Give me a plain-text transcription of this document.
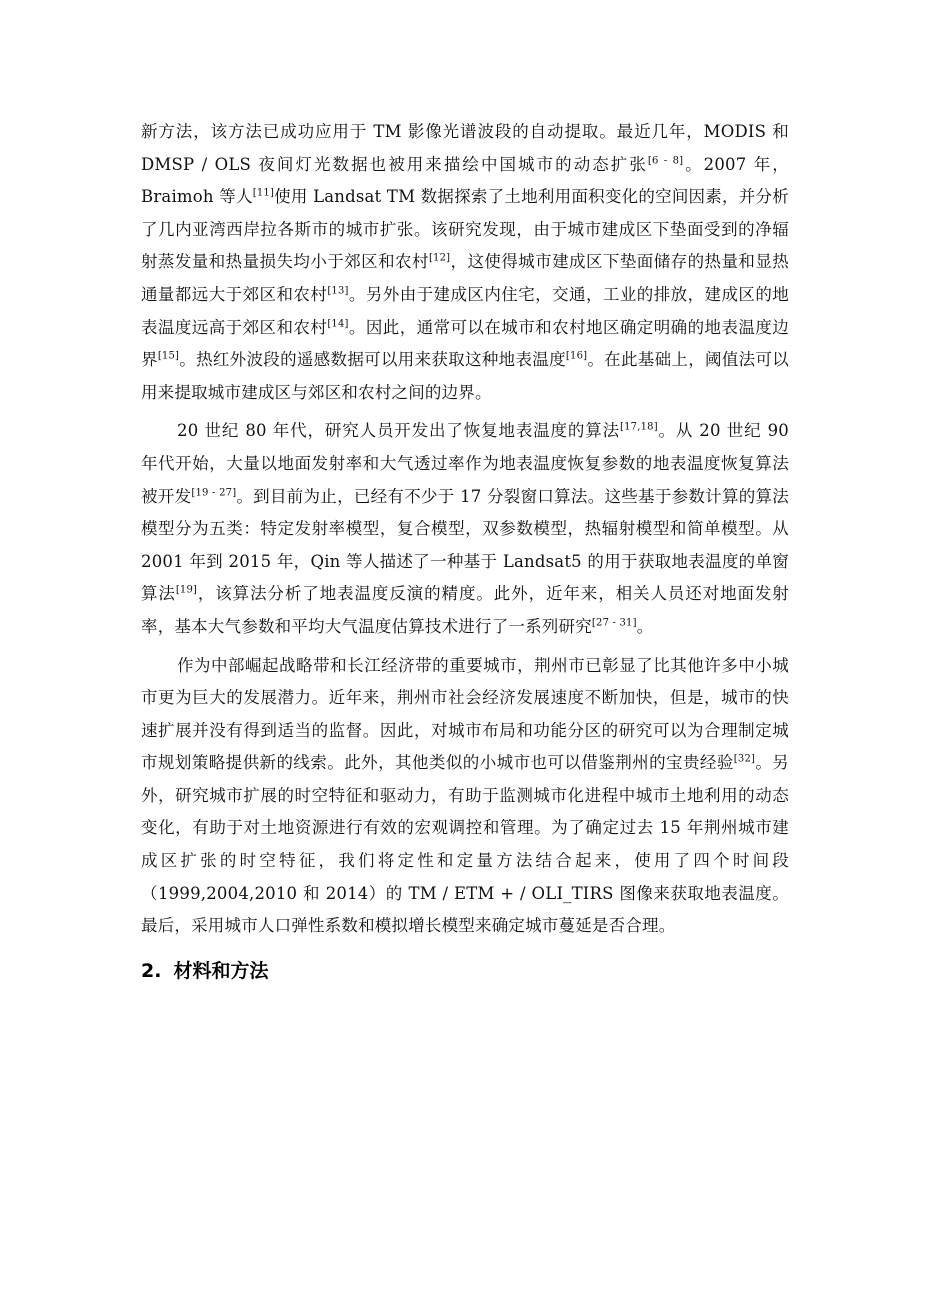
新方法，该方法已成功应用于 TM 影像光谱波段的自动提取。最近几年，MODIS 和 DMSP / OLS 夜间灯光数据也被用来描绘中国城市的动态扩张[6 - 8]。2007 年，Braimoh 等人[11]使用 Landsat TM 数据探索了土地利用面积变化的空间因素，并分析了几内亚湾西岸拉各斯市的城市扩张。该研究发现，由于城市建成区下垫面受到的净辐射蒸发量和热量损失均小于郊区和农村[12]，这使得城市建成区下垫面储存的热量和显热通量都远大于郊区和农村[13]。另外由于建成区内住宅，交通，工业的排放，建成区的地表温度远高于郊区和农村[14]。因此，通常可以在城市和农村地区确定明确的地表温度边界[15]。热红外波段的遥感数据可以用来获取这种地表温度[16]。在此基础上，阈值法可以用来提取城市建成区与郊区和农村之间的边界。

20 世纪 80 年代，研究人员开发出了恢复地表温度的算法[17,18]。从 20 世纪 90 年代开始，大量以地面发射率和大气透过率作为地表温度恢复参数的地表温度恢复算法被开发[19 - 27]。到目前为止，已经有不少于 17 分裂窗口算法。这些基于参数计算的算法模型分为五类：特定发射率模型，复合模型，双参数模型，热辐射模型和简单模型。从 2001 年到 2015 年，Qin 等人描述了一种基于 Landsat5 的用于获取地表温度的单窗算法[19]，该算法分析了地表温度反演的精度。此外，近年来，相关人员还对地面发射率，基本大气参数和平均大气温度估算技术进行了一系列研究[27 - 31]。

作为中部崛起战略带和长江经济带的重要城市，荆州市已彰显了比其他许多中小城市更为巨大的发展潜力。近年来，荆州市社会经济发展速度不断加快，但是，城市的快速扩展并没有得到适当的监督。因此，对城市布局和功能分区的研究可以为合理制定城市规划策略提供新的线索。此外，其他类似的小城市也可以借鉴荆州的宝贵经验[32]。另外，研究城市扩展的时空特征和驱动力，有助于监测城市化进程中城市土地利用的动态变化，有助于对土地资源进行有效的宏观调控和管理。为了确定过去 15 年荆州城市建成区扩张的时空特征，我们将定性和定量方法结合起来，使用了四个时间段（1999,2004,2010 和 2014）的 TM / ETM + / OLI_TIRS 图像来获取地表温度。最后，采用城市人口弹性系数和模拟增长模型来确定城市蔓延是否合理。

2. 材料和方法
